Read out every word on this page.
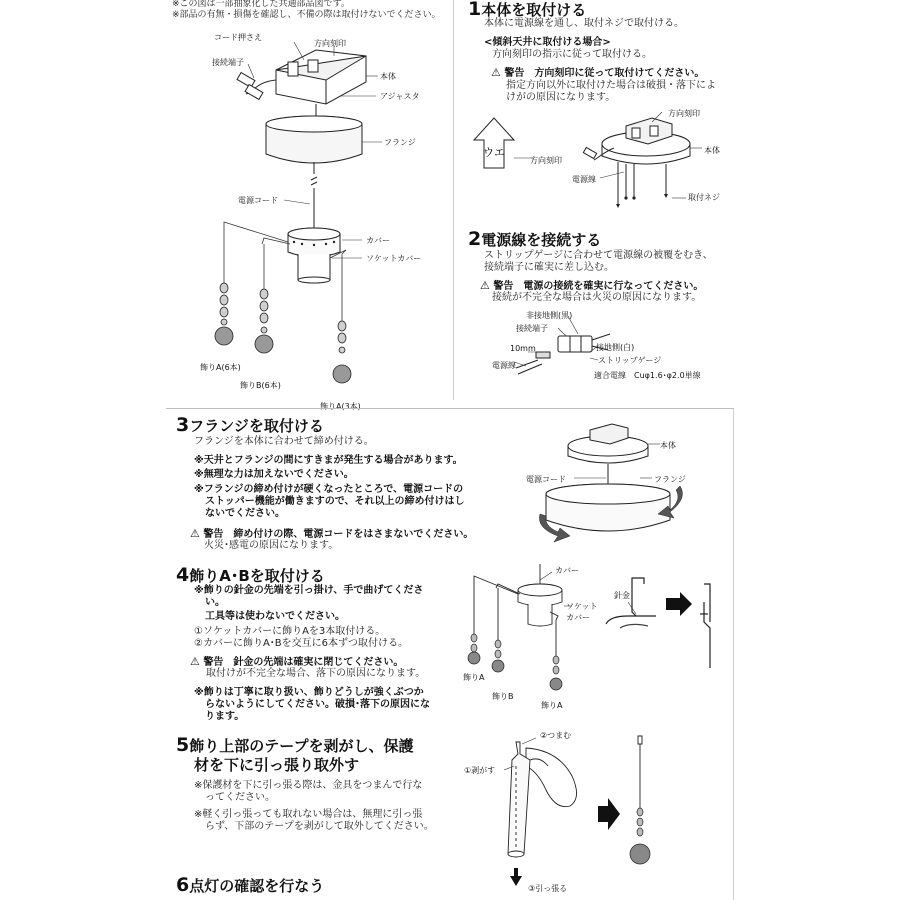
※この図は一部抽象化した共通部品図です。
※部品の有無・損傷を確認し、不備の際は取付けないでください。
コード押さえ
方向刻印
接続端子
本体
アジャスタ
フランジ
電源コード
カバー
ソケットカバー
飾りA(6本)
飾りB(6本)
飾りA(3本)
1本体を取付ける
本体に電源線を通し、取付ネジで取付ける。
<傾斜天井に取付ける場合>
方向刻印の指示に従って取付ける。
⚠ 警告　方向刻印に従って取付けてください。
指定方向以外に取付けた場合は破損・落下によ
けがの原因になります。
ウエ
方向刻印
方向刻印
本体
電源線
取付ネジ
2電源線を接続する
ストリップゲージに合わせて電源線の被覆をむき、
接続端子に確実に差し込む。
⚠ 警告　電源の接続を確実に行なってください。
接続が不完全な場合は火災の原因になります。
非接地側(黒)
接続端子
接地側(白)
10mm
ストリップゲージ
電源線
適合電線　Cuφ1.6･φ2.0単線
3フランジを取付ける
フランジを本体に合わせて締め付ける。
※天井とフランジの間にすきまが発生する場合があります。
※無理な力は加えないでください。
※フランジの締め付けが硬くなったところで、電源コードの
ストッパー機能が働きますので、それ以上の締め付けはし
ないでください。
⚠ 警告　締め付けの際、電源コードをはさまないでください。
火災･感電の原因になります。
本体
電源コード	フランジ
4飾りA･Bを取付ける
※飾りの針金の先端を引っ掛け、手で曲げてくださ
い。
工具等は使わないでください。
①ソケットカバーに飾りAを3本取付ける。
②カバーに飾りA･Bを交互に6本ずつ取付ける。
⚠ 警告　針金の先端は確実に閉じてください。
取付けが不完全な場合、落下の原因になります。
※飾りは丁寧に取り扱い、飾りどうしが強くぶつか
らないようにしてください。破損･落下の原因にな
ります。
カバー
ソケット
カバー
針金
飾りA
飾りB
飾りA
5飾り上部のテープを剥がし、保護
材を下に引っ張り取外す
※保護材を下に引っ張る際は、金具をつまんで行な
ってください。
※軽く引っ張っても取れない場合は、無理に引っ張
らず、下部のテープを剥がして取外してください。
②つまむ
①剥がす
③引っ張る
6点灯の確認を行なう
